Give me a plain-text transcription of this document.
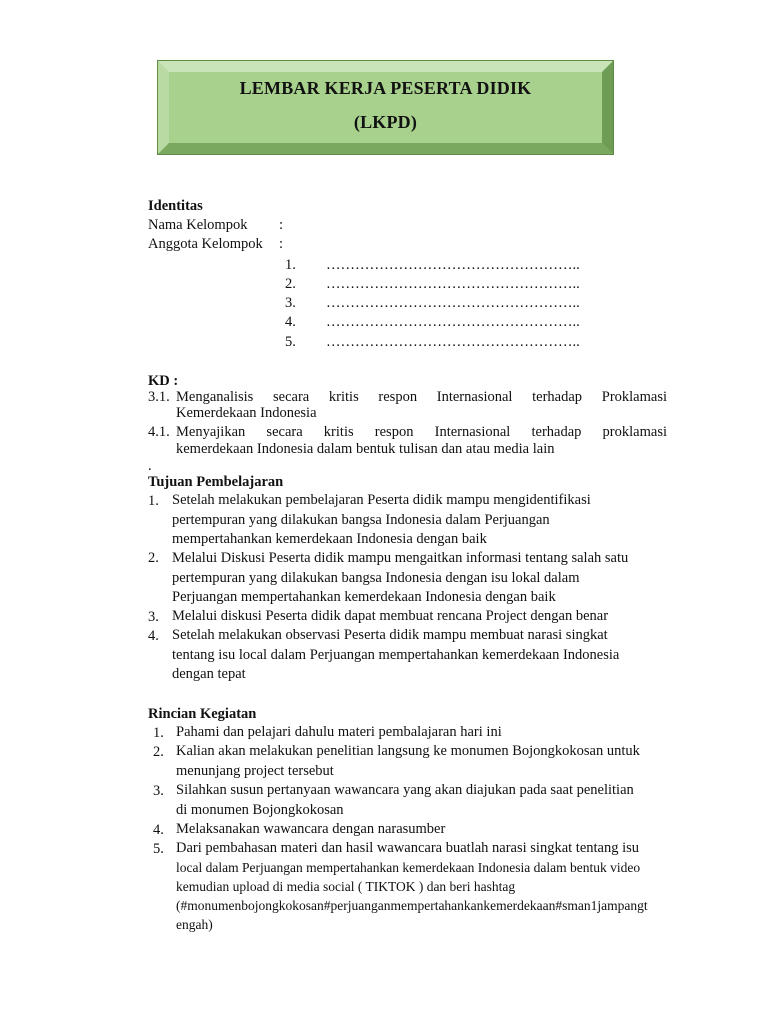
LEMBAR KERJA PESERTA DIDIK
(LKPD)
Identitas
Nama Kelompok :
Anggota Kelompok :
1. ……………………………………………..
2. ……………………………………………..
3. ……………………………………………..
4. ……………………………………………..
5. ……………………………………………..
KD :
3.1. Menganalisis secara kritis respon Internasional terhadap Proklamasi
Kemerdekaan Indonesia
4.1. Menyajikan secara kritis respon Internasional terhadap proklamasi
kemerdekaan Indonesia dalam bentuk tulisan dan atau media lain
.
Tujuan Pembelajaran
1. Setelah melakukan pembelajaran Peserta didik mampu mengidentifikasi
pertempuran yang dilakukan bangsa Indonesia dalam Perjuangan
mempertahankan kemerdekaan Indonesia dengan baik
2. Melalui Diskusi Peserta didik mampu mengaitkan informasi tentang salah satu
pertempuran yang dilakukan bangsa Indonesia dengan isu lokal dalam
Perjuangan mempertahankan kemerdekaan Indonesia dengan baik
3. Melalui diskusi Peserta didik dapat membuat rencana Project dengan benar
4. Setelah melakukan observasi Peserta didik mampu membuat narasi singkat
tentang isu local dalam Perjuangan mempertahankan kemerdekaan Indonesia
dengan tepat
Rincian Kegiatan
1. Pahami dan pelajari dahulu materi pembalajaran hari ini
2. Kalian akan melakukan penelitian langsung ke monumen Bojongkokosan untuk
menunjang project tersebut
3. Silahkan susun pertanyaan wawancara yang akan diajukan pada saat penelitian
di monumen Bojongkokosan
4. Melaksanakan wawancara dengan narasumber
5. Dari pembahasan materi dan hasil wawancara buatlah narasi singkat tentang isu
local dalam Perjuangan mempertahankan kemerdekaan Indonesia dalam bentuk video
kemudian upload di media social ( TIKTOK ) dan beri hashtag
(#monumenbojongkokosan#perjuanganmempertahankankemerdekaan#sman1jampangt
engah)
